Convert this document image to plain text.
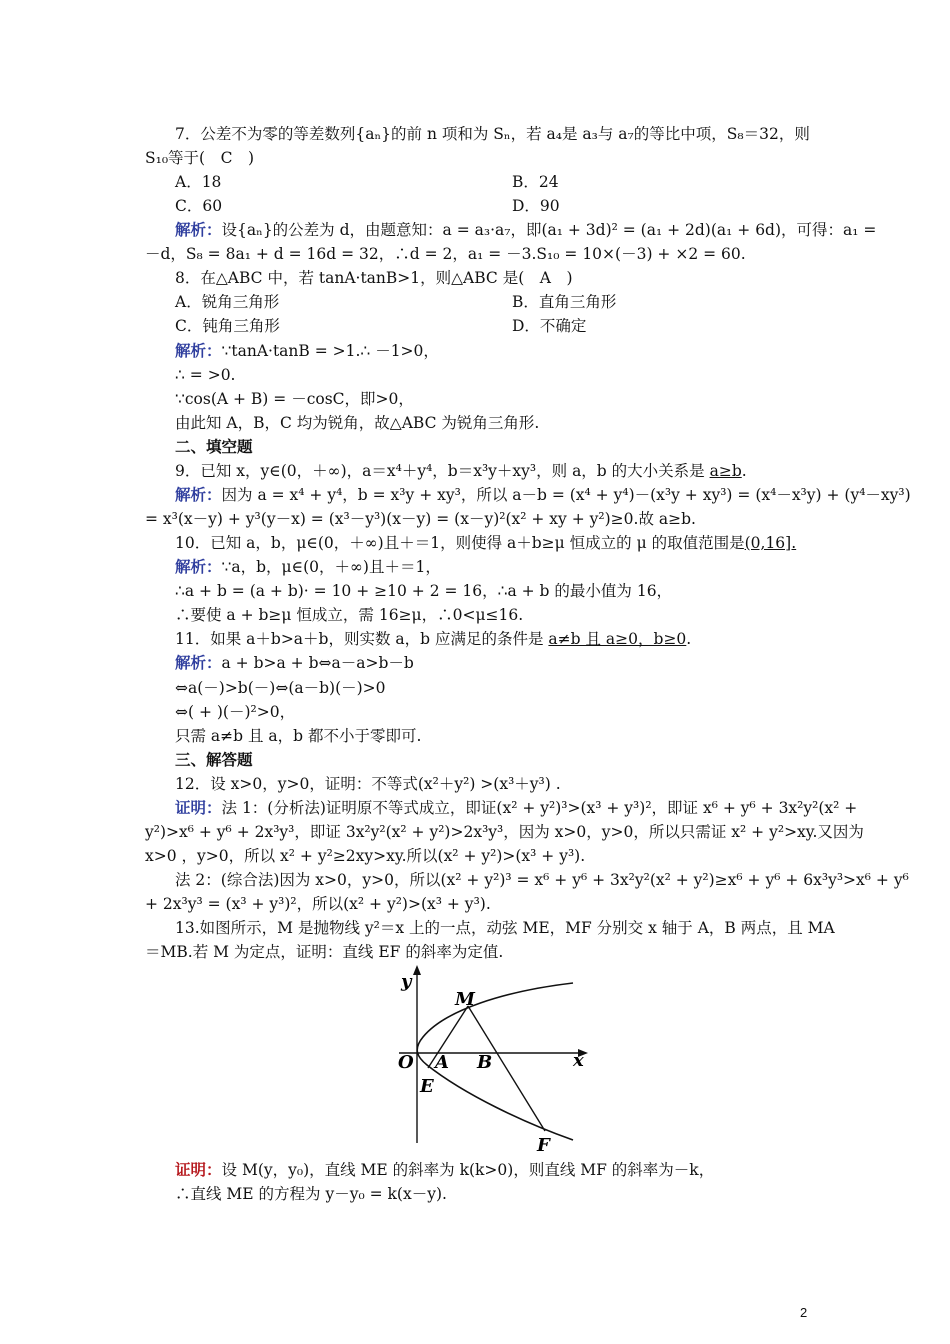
7．公差不为零的等差数列{aₙ}的前 n 项和为 Sₙ，若 a₄是 a₃与 a₇的等比中项，S₈＝32，则
S₁₀等于(　C　)
A．18	B．24
C．60	D．90
解析：设{aₙ}的公差为 d，由题意知：a = a₃·a₇，即(a₁ + 3d)² = (a₁ + 2d)(a₁ + 6d)，可得：a₁ =
－d，S₈ = 8a₁ + d = 16d = 32，∴d = 2，a₁ = －3.S₁₀ = 10×(－3) + ×2 = 60.
8．在△ABC 中，若 tanA·tanB>1，则△ABC 是(　A　)
A．锐角三角形	B．直角三角形
C．钝角三角形	D．不确定
解析：∵tanA·tanB = >1.∴ －1>0，
∴ = >0.
∵cos(A + B) = －cosC，即>0，
由此知 A，B，C 均为锐角，故△ABC 为锐角三角形.
二、填空题
9．已知 x，y∈(0，＋∞)，a＝x⁴＋y⁴，b＝x³y＋xy³，则 a，b 的大小关系是 a≥b.
解析：因为 a = x⁴ + y⁴，b = x³y + xy³，所以 a－b = (x⁴ + y⁴)－(x³y + xy³) = (x⁴－x³y) + (y⁴－xy³)
= x³(x－y) + y³(y－x) = (x³－y³)(x－y) = (x－y)²(x² + xy + y²)≥0.故 a≥b.
10．已知 a，b，μ∈(0，＋∞)且＋＝1，则使得 a＋b≥μ 恒成立的 μ 的取值范围是(0,16].
解析：∵a，b，μ∈(0，＋∞)且＋＝1，
∴a + b = (a + b)· = 10 + ≥10 + 2 = 16，∴a + b 的最小值为 16，
∴要使 a + b≥μ 恒成立，需 16≥μ，∴0<μ≤16.
11．如果 a＋b>a＋b，则实数 a，b 应满足的条件是 a≠b 且 a≥0，b≥0.
解析：a + b>a + b⇔a－a>b－b
⇔a(－)>b(－)⇔(a－b)(－)>0
⇔( + )(－)²>0，
只需 a≠b 且 a，b 都不小于零即可.
三、解答题
12．设 x>0，y>0，证明：不等式(x²＋y²) >(x³＋y³) .
证明：法 1：(分析法)证明原不等式成立，即证(x² + y²)³>(x³ + y³)²，即证 x⁶ + y⁶ + 3x²y²(x² +
y²)>x⁶ + y⁶ + 2x³y³，即证 3x²y²(x² + y²)>2x³y³，因为 x>0，y>0，所以只需证 x² + y²>xy.又因为
x>0 ，y>0，所以 x² + y²≥2xy>xy.所以(x² + y²)>(x³ + y³).
法 2：(综合法)因为 x>0，y>0，所以(x² + y²)³ = x⁶ + y⁶ + 3x²y²(x² + y²)≥x⁶ + y⁶ + 6x³y³>x⁶ + y⁶
+ 2x³y³ = (x³ + y³)²，所以(x² + y²)>(x³ + y³).
13.如图所示，M 是抛物线 y²＝x 上的一点，动弦 ME，MF 分别交 x 轴于 A，B 两点，且 MA
＝MB.若 M 为定点，证明：直线 EF 的斜率为定值.
y
x
O
M
A B
E
F
证明：设 M(y，y₀)，直线 ME 的斜率为 k(k>0)，则直线 MF 的斜率为－k，
∴直线 ME 的方程为 y－y₀ = k(x－y).
2
